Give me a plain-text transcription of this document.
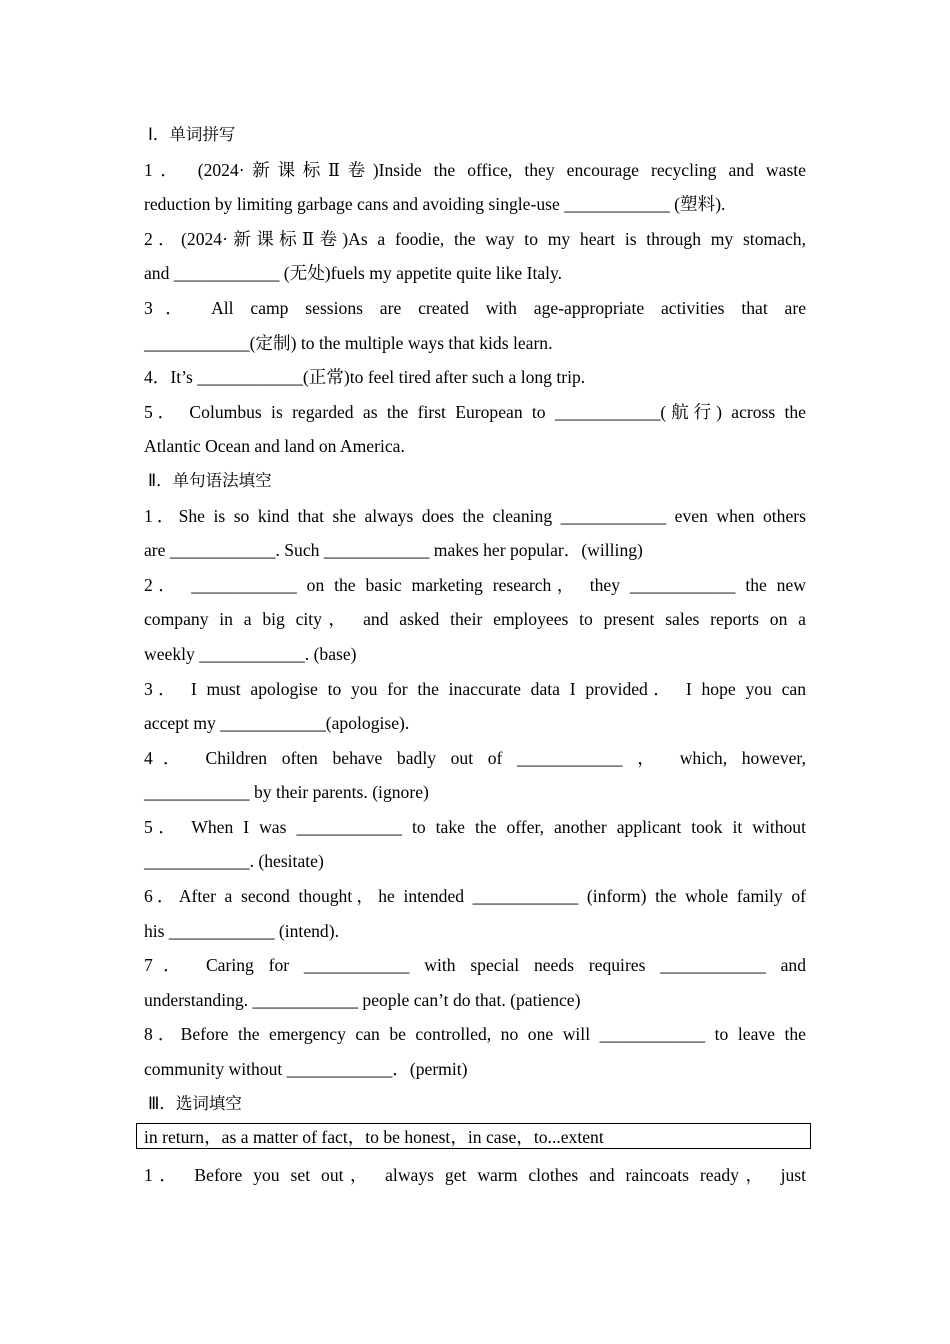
Ⅰ．单词拼写
1． (2024·新课标Ⅱ卷)Inside the office, they encourage recycling and waste
reduction by limiting garbage cans and avoiding single-use ____________ (塑料).
2．(2024·新课标Ⅱ卷)As a foodie, the way to my heart is through my stomach,
and ____________ (无处)fuels my appetite quite like Italy.
3． All camp sessions are created with age-appropriate activities that are
____________(定制) to the multiple ways that kids learn.
4．It’s ____________(正常)to feel tired after such a long trip.
5． Columbus is regarded as the first European to ____________(航行) across the
Atlantic Ocean and land on America.
Ⅱ．单句语法填空
1．She is so kind that she always does the cleaning ____________ even when others
are ____________. Such ____________ makes her popular．(willing)
2． ____________ on the basic marketing research， they ____________ the new
company in a big city， and asked their employees to present sales reports on a
weekly ____________. (base)
3． I must apologise to you for the inaccurate data I provided． I hope you can
accept my ____________(apologise).
4． Children often behave badly out of ____________ ， which, however,
____________ by their parents. (ignore)
5． When I was ____________ to take the offer, another applicant took it without
____________. (hesitate)
6．After a second thought，he intended ____________ (inform) the whole family of
his ____________ (intend).
7． Caring for ____________ with special needs requires ____________ and
understanding. ____________ people can’t do that. (patience)
8．Before the emergency can be controlled, no one will ____________ to leave the
community without ____________．(permit)
Ⅲ．选词填空
in return，as a matter of fact，to be honest，in case，to...extent
1． Before you set out， always get warm clothes and raincoats ready， just
